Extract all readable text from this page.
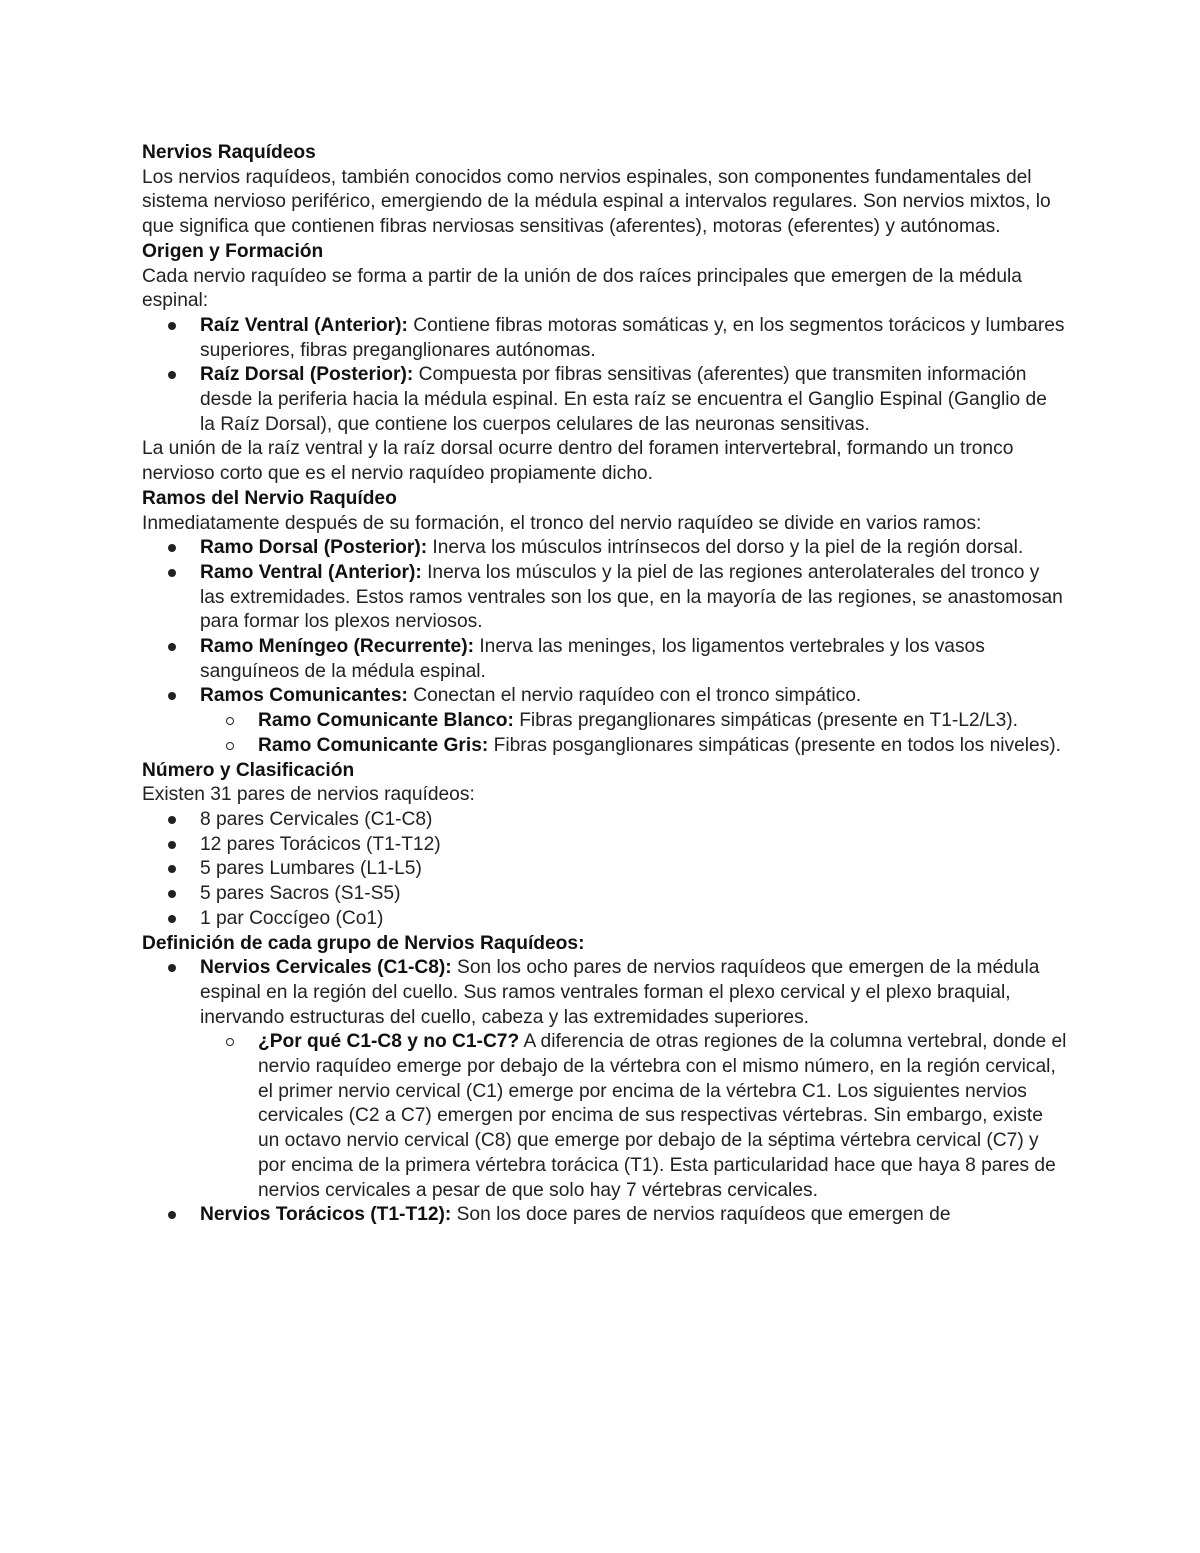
Nervios Raquídeos

Los nervios raquídeos, también conocidos como nervios espinales, son componentes fundamentales del sistema nervioso periférico, emergiendo de la médula espinal a intervalos regulares. Son nervios mixtos, lo que significa que contienen fibras nerviosas sensitivas (aferentes), motoras (eferentes) y autónomas.

Origen y Formación

Cada nervio raquídeo se forma a partir de la unión de dos raíces principales que emergen de la médula espinal:

Raíz Ventral (Anterior): Contiene fibras motoras somáticas y, en los segmentos torácicos y lumbares superiores, fibras preganglionares autónomas.
Raíz Dorsal (Posterior): Compuesta por fibras sensitivas (aferentes) que transmiten información desde la periferia hacia la médula espinal. En esta raíz se encuentra el Ganglio Espinal (Ganglio de la Raíz Dorsal), que contiene los cuerpos celulares de las neuronas sensitivas.

La unión de la raíz ventral y la raíz dorsal ocurre dentro del foramen intervertebral, formando un tronco nervioso corto que es el nervio raquídeo propiamente dicho.

Ramos del Nervio Raquídeo

Inmediatamente después de su formación, el tronco del nervio raquídeo se divide en varios ramos:

Ramo Dorsal (Posterior): Inerva los músculos intrínsecos del dorso y la piel de la región dorsal.
Ramo Ventral (Anterior): Inerva los músculos y la piel de las regiones anterolaterales del tronco y las extremidades. Estos ramos ventrales son los que, en la mayoría de las regiones, se anastomosan para formar los plexos nerviosos.
Ramo Meníngeo (Recurrente): Inerva las meninges, los ligamentos vertebrales y los vasos sanguíneos de la médula espinal.
Ramos Comunicantes: Conectan el nervio raquídeo con el tronco simpático.
Ramo Comunicante Blanco: Fibras preganglionares simpáticas (presente en T1-L2/L3).
Ramo Comunicante Gris: Fibras posganglionares simpáticas (presente en todos los niveles).
Número y Clasificación

Existen 31 pares de nervios raquídeos:

8 pares Cervicales (C1-C8)
12 pares Torácicos (T1-T12)
5 pares Lumbares (L1-L5)
5 pares Sacros (S1-S5)
1 par Coccígeo (Co1)
Definición de cada grupo de Nervios Raquídeos:
Nervios Cervicales (C1-C8): Son los ocho pares de nervios raquídeos que emergen de la médula espinal en la región del cuello. Sus ramos ventrales forman el plexo cervical y el plexo braquial, inervando estructuras del cuello, cabeza y las extremidades superiores.
¿Por qué C1-C8 y no C1-C7? A diferencia de otras regiones de la columna vertebral, donde el nervio raquídeo emerge por debajo de la vértebra con el mismo número, en la región cervical, el primer nervio cervical (C1) emerge por encima de la vértebra C1. Los siguientes nervios cervicales (C2 a C7) emergen por encima de sus respectivas vértebras. Sin embargo, existe un octavo nervio cervical (C8) que emerge por debajo de la séptima vértebra cervical (C7) y por encima de la primera vértebra torácica (T1). Esta particularidad hace que haya 8 pares de nervios cervicales a pesar de que solo hay 7 vértebras cervicales.
Nervios Torácicos (T1-T12): Son los doce pares de nervios raquídeos que emergen de
